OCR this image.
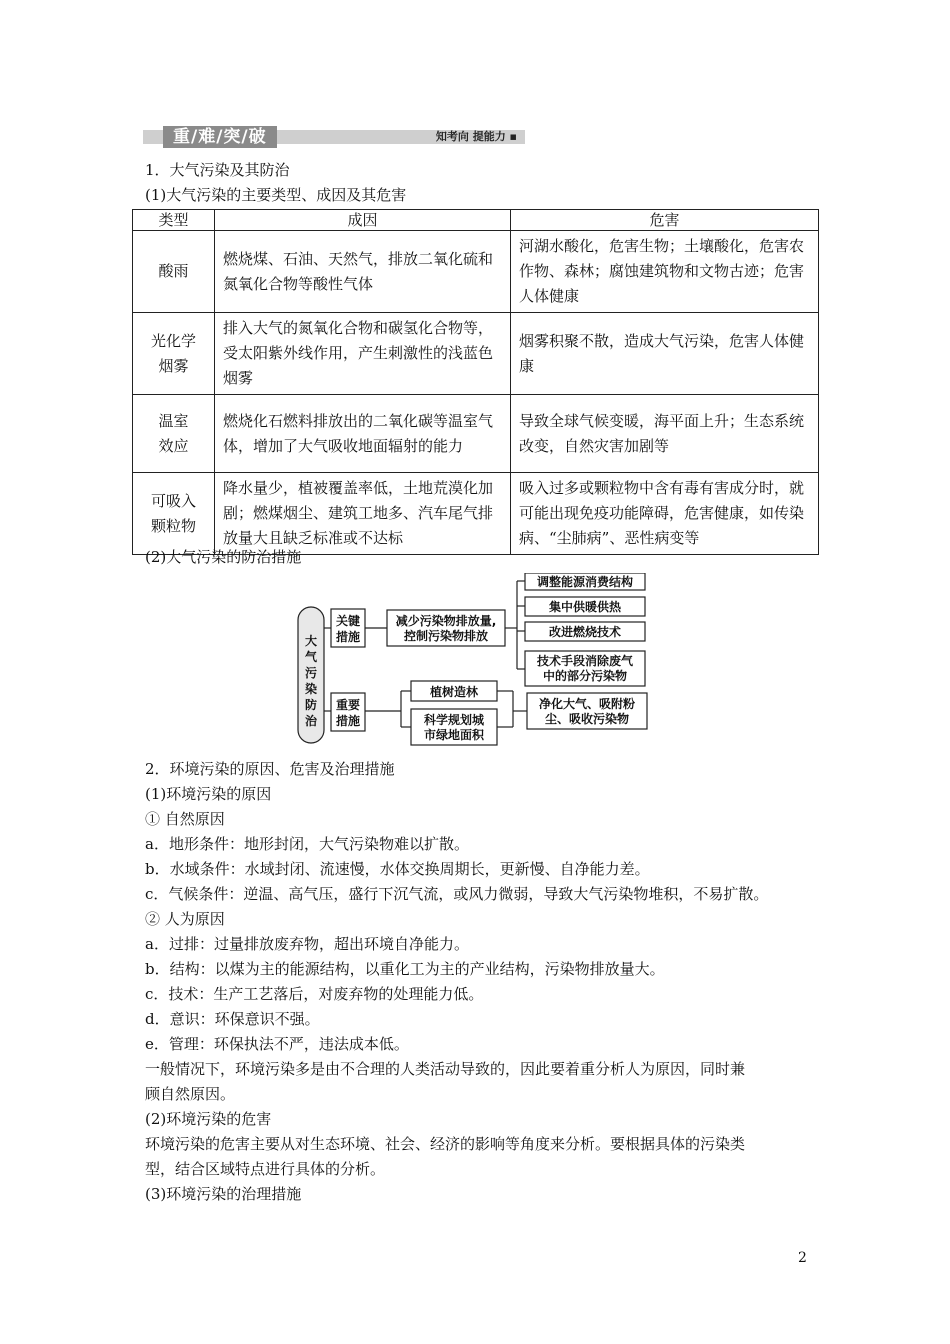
重/难/突/破	知考向 提能力 ▪
1．大气污染及其防治
(1)大气污染的主要类型、成因及其危害
类型	成因	危害
酸雨	燃烧煤、石油、天然气，排放二氧化硫和氮氧化合物等酸性气体	河湖水酸化，危害生物；土壤酸化，危害农作物、森林；腐蚀建筑物和文物古迹；危害人体健康
光化学
烟雾	排入大气的氮氧化合物和碳氢化合物等，受太阳紫外线作用，产生刺激性的浅蓝色烟雾	烟雾积聚不散，造成大气污染，危害人体健康
温室
效应	燃烧化石燃料排放出的二氧化碳等温室气体，增加了大气吸收地面辐射的能力	导致全球气候变暖，海平面上升；生态系统改变，自然灾害加剧等
可吸入
颗粒物	降水量少，植被覆盖率低，土地荒漠化加剧；燃煤烟尘、建筑工地多、汽车尾气排放量大且缺乏标准或不达标	吸入过多或颗粒物中含有毒有害成分时，就可能出现免疫功能障碍，危害健康，如传染病、“尘肺病”、恶性病变等
(2)大气污染的防治措施
大
气
污
染
防
治
关键
措施
减少污染物排放量,
控制污染物排放
调整能源消费结构
集中供暖供热
改进燃烧技术
技术手段消除废气
中的部分污染物
重要
措施
植树造林
科学规划城
市绿地面积
净化大气、吸附粉
尘、吸收污染物
2．环境污染的原因、危害及治理措施
(1)环境污染的原因
① 自然原因
a．地形条件：地形封闭，大气污染物难以扩散。
b．水域条件：水域封闭、流速慢，水体交换周期长，更新慢、自净能力差。
c．气候条件：逆温、高气压，盛行下沉气流，或风力微弱，导致大气污染物堆积，不易扩散。
② 人为原因
a．过排：过量排放废弃物，超出环境自净能力。
b．结构：以煤为主的能源结构，以重化工为主的产业结构，污染物排放量大。
c．技术：生产工艺落后，对废弃物的处理能力低。
d．意识：环保意识不强。
e．管理：环保执法不严，违法成本低。
一般情况下，环境污染多是由不合理的人类活动导致的，因此要着重分析人为原因，同时兼
顾自然原因。
(2)环境污染的危害
环境污染的危害主要从对生态环境、社会、经济的影响等角度来分析。要根据具体的污染类
型，结合区域特点进行具体的分析。
(3)环境污染的治理措施
2
